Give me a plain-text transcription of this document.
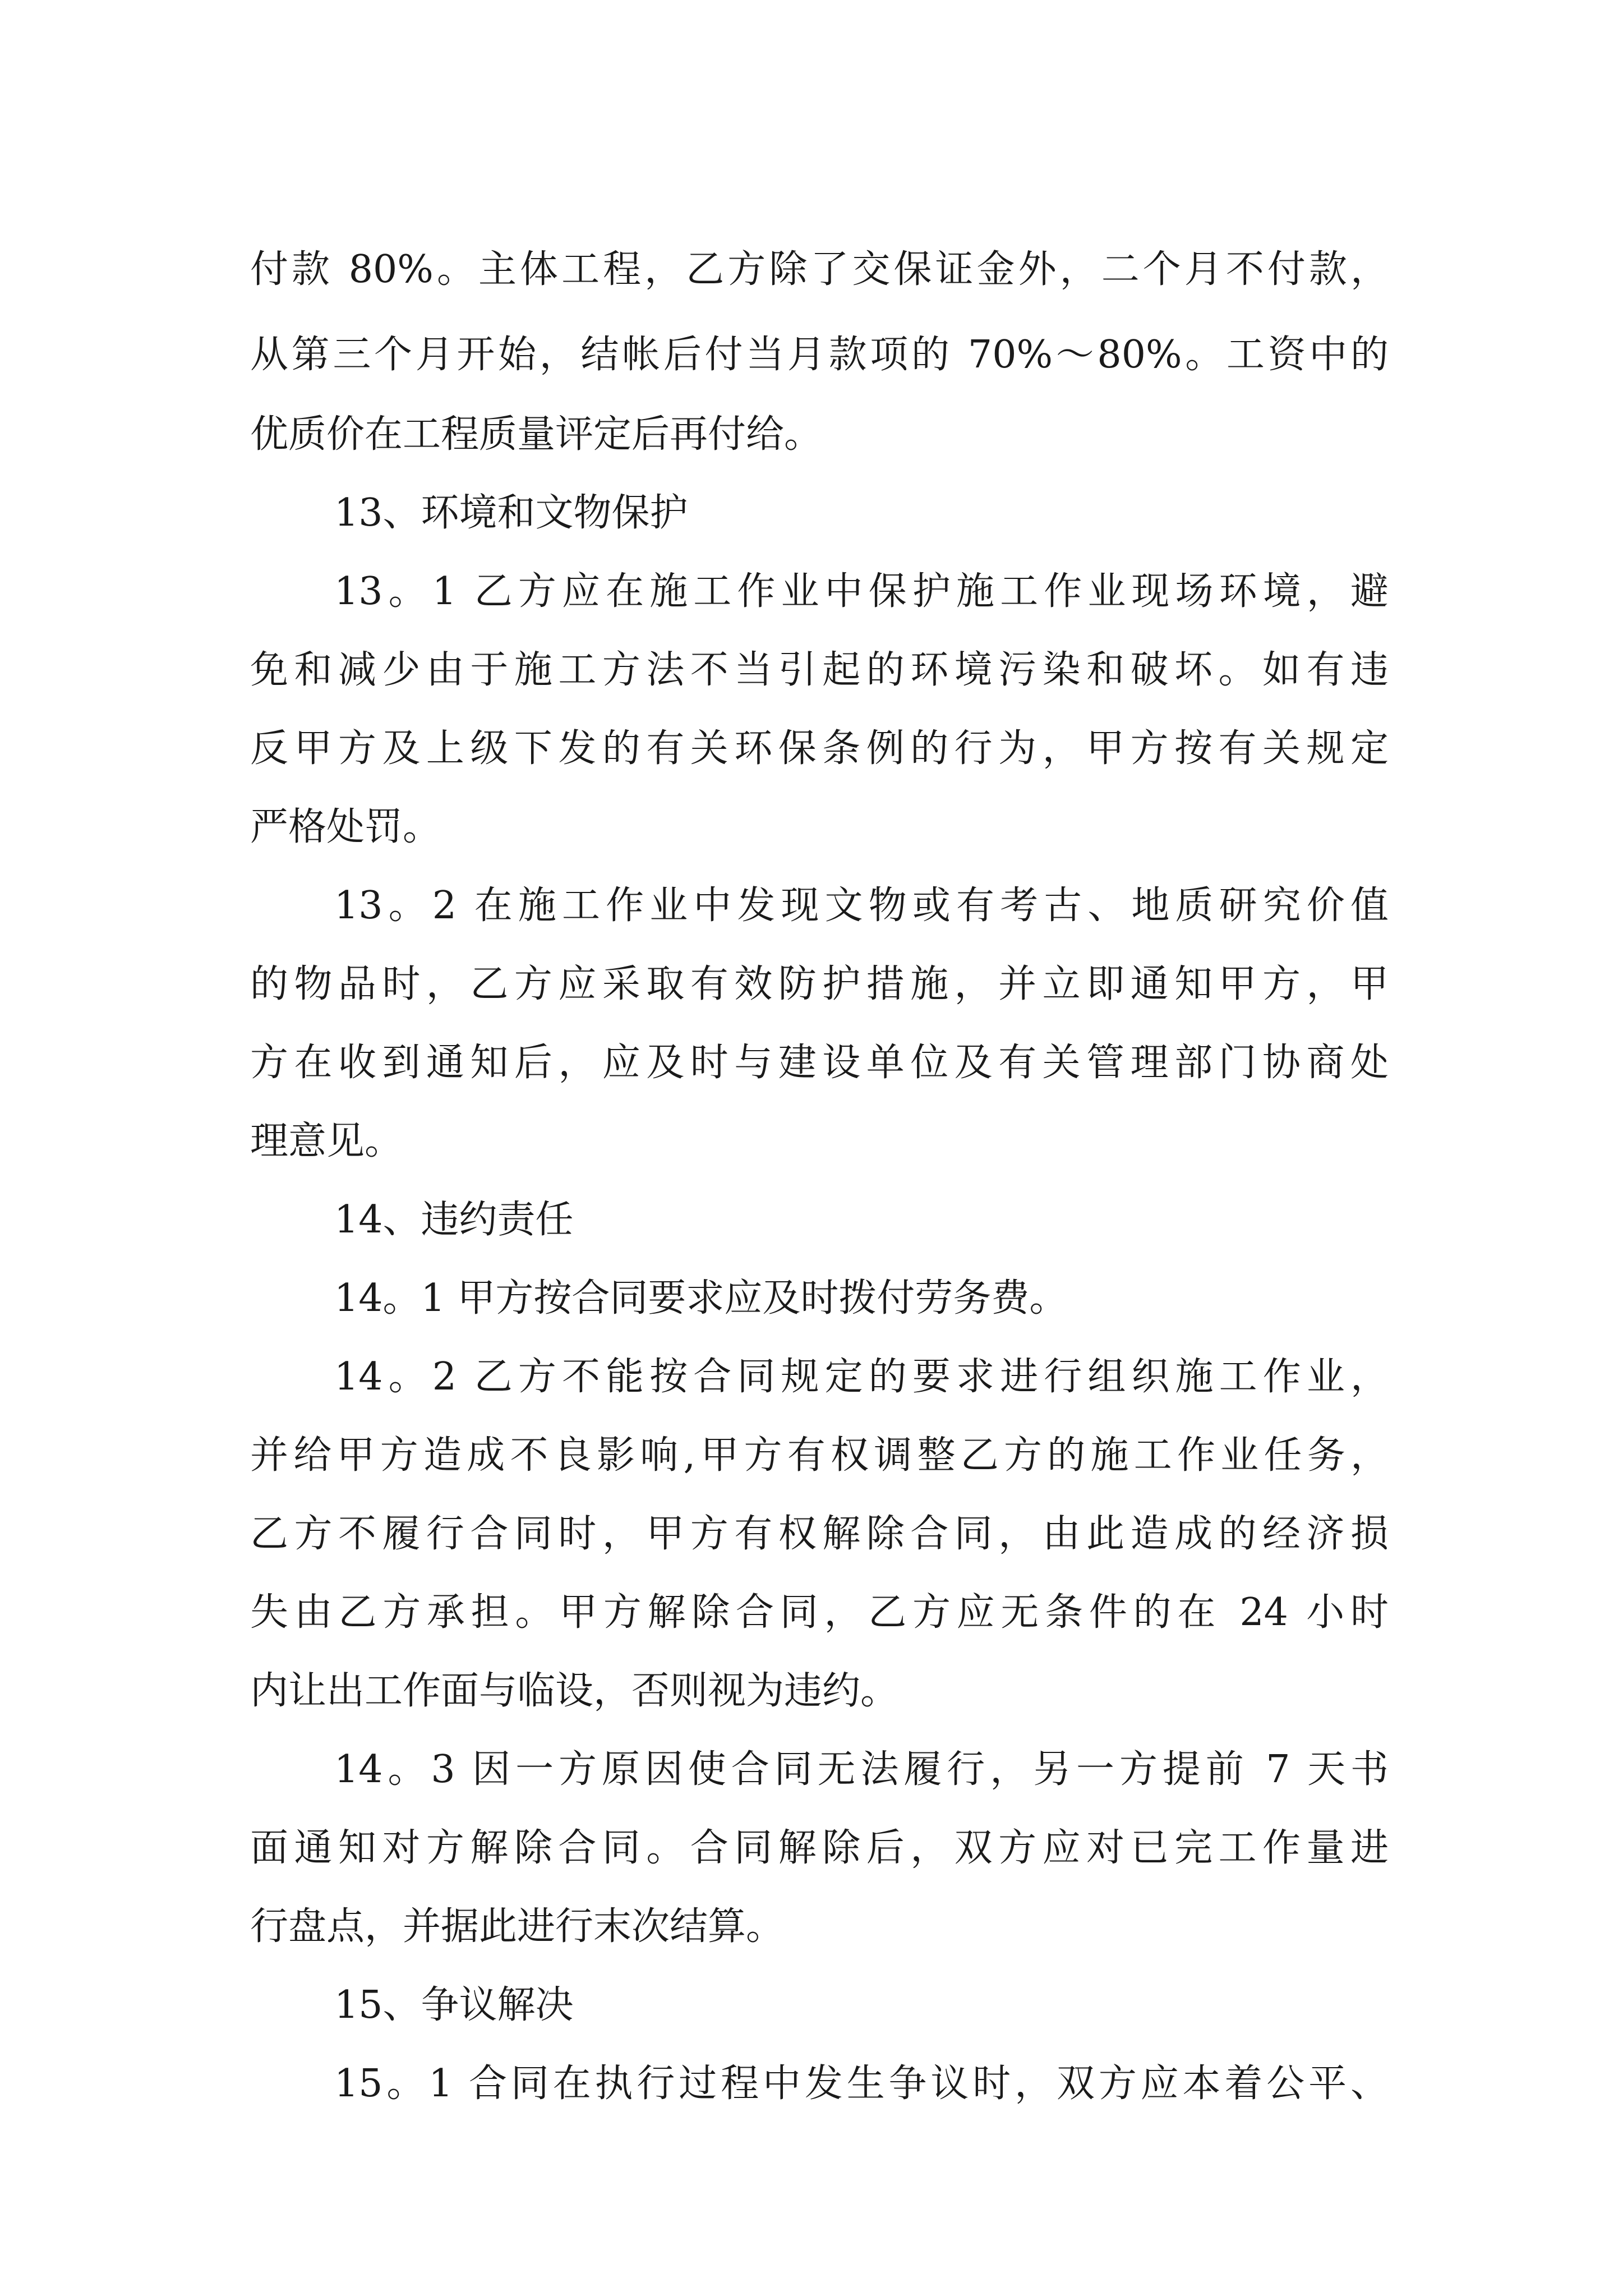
付款 80%。主体工程，乙方除了交保证金外，二个月不付款，
从第三个月开始，结帐后付当月款项的 70%～80%。工资中的
优质价在工程质量评定后再付给。
13、环境和文物保护
13。1 乙方应在施工作业中保护施工作业现场环境，避
免和减少由于施工方法不当引起的环境污染和破坏。如有违
反甲方及上级下发的有关环保条例的行为，甲方按有关规定
严格处罚。
13。2 在施工作业中发现文物或有考古、地质研究价值
的物品时，乙方应采取有效防护措施，并立即通知甲方，甲
方在收到通知后，应及时与建设单位及有关管理部门协商处
理意见。
14、违约责任
14。1 甲方按合同要求应及时拨付劳务费。
14。2 乙方不能按合同规定的要求进行组织施工作业，
并给甲方造成不良影响,甲方有权调整乙方的施工作业任务，
乙方不履行合同时，甲方有权解除合同，由此造成的经济损
失由乙方承担。甲方解除合同，乙方应无条件的在 24 小时
内让出工作面与临设，否则视为违约。
14。3 因一方原因使合同无法履行，另一方提前 7 天书
面通知对方解除合同。合同解除后，双方应对已完工作量进
行盘点，并据此进行末次结算。
15、争议解决
15。1 合同在执行过程中发生争议时，双方应本着公平、
